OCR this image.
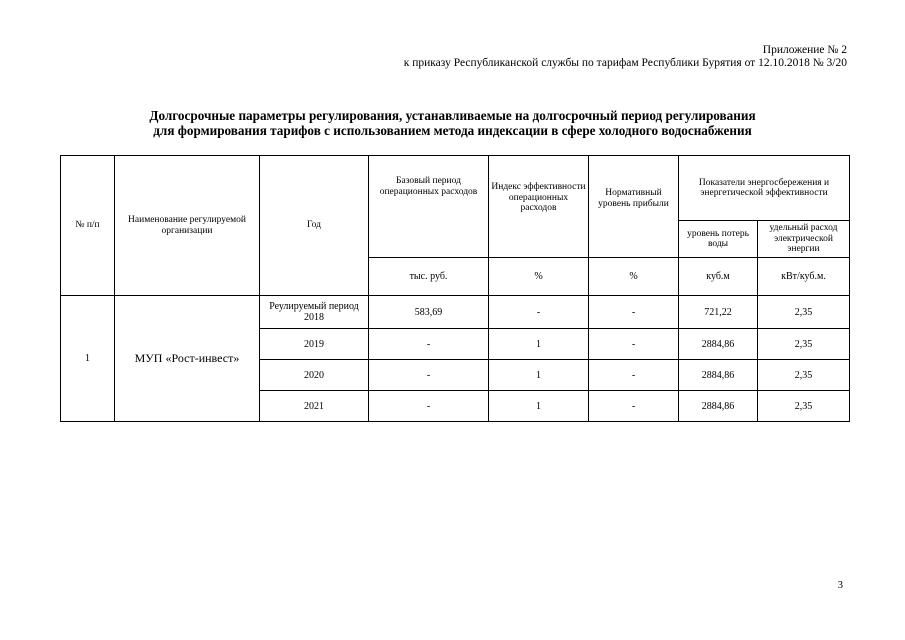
Приложение № 2
к приказу Республиканской службы по тарифам Республики Бурятия от 12.10.2018 № 3/20
Долгосрочные параметры регулирования, устанавливаемые на долгосрочный период регулирования
для формирования тарифов с использованием метода индексации в сфере холодного водоснабжения
№ п/п	Наименование регулируемой организации	Год	Базовый период операционных расходов	Индекс эффективности операционных расходов	Нормативный уровень прибыли	Показатели энергосбережения и энергетической эффективности	
						уровень потерь воды	удельный расход электрической энергии
			тыс. руб.	%	%	куб.м	кВт/куб.м.
1	МУП «Рост-инвест»	Реулируемый период 2018	583,69	-	-	721,22	2,35
		2019	-	1	-	2884,86	2,35
		2020	-	1	-	2884,86	2,35
		2021	-	1	-	2884,86	2,35
3
